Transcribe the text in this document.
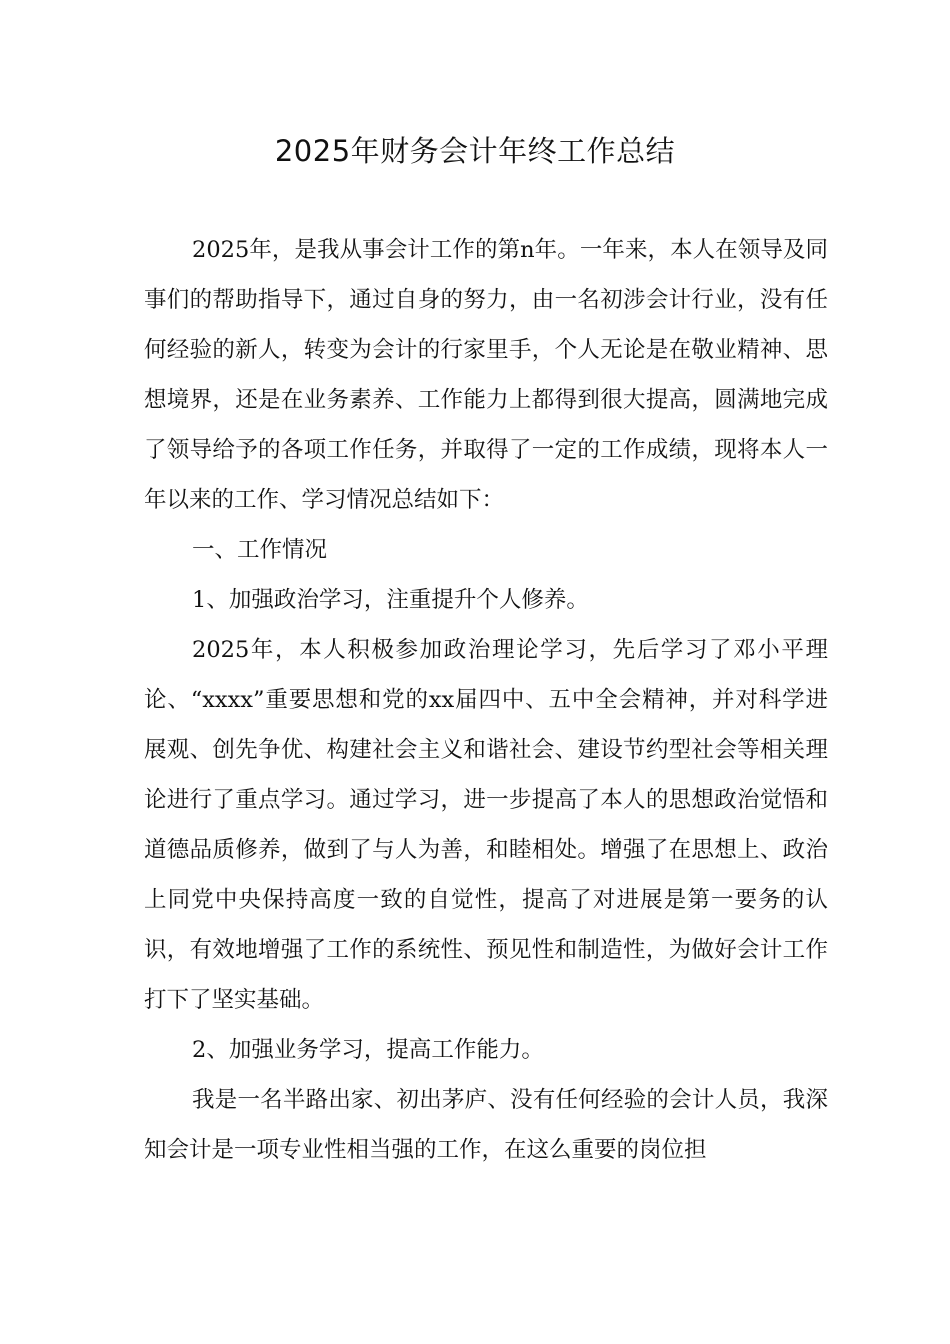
2025年财务会计年终工作总结

2025年，是我从事会计工作的第n年。一年来，本人在领导及同事们的帮助指导下，通过自身的努力，由一名初涉会计行业，没有任何经验的新人，转变为会计的行家里手，个人无论是在敬业精神、思想境界，还是在业务素养、工作能力上都得到很大提高，圆满地完成了领导给予的各项工作任务，并取得了一定的工作成绩，现将本人一年以来的工作、学习情况总结如下：

一、工作情况

1、加强政治学习，注重提升个人修养。

2025年，本人积极参加政治理论学习，先后学习了邓小平理论、“xxxx”重要思想和党的xx届四中、五中全会精神，并对科学进展观、创先争优、构建社会主义和谐社会、建设节约型社会等相关理论进行了重点学习。通过学习，进一步提高了本人的思想政治觉悟和道德品质修养，做到了与人为善，和睦相处。增强了在思想上、政治上同党中央保持高度一致的自觉性，提高了对进展是第一要务的认识，有效地增强了工作的系统性、预见性和制造性，为做好会计工作打下了坚实基础。

2、加强业务学习，提高工作能力。

我是一名半路出家、初出茅庐、没有任何经验的会计人员，我深知会计是一项专业性相当强的工作，在这么重要的岗位担
